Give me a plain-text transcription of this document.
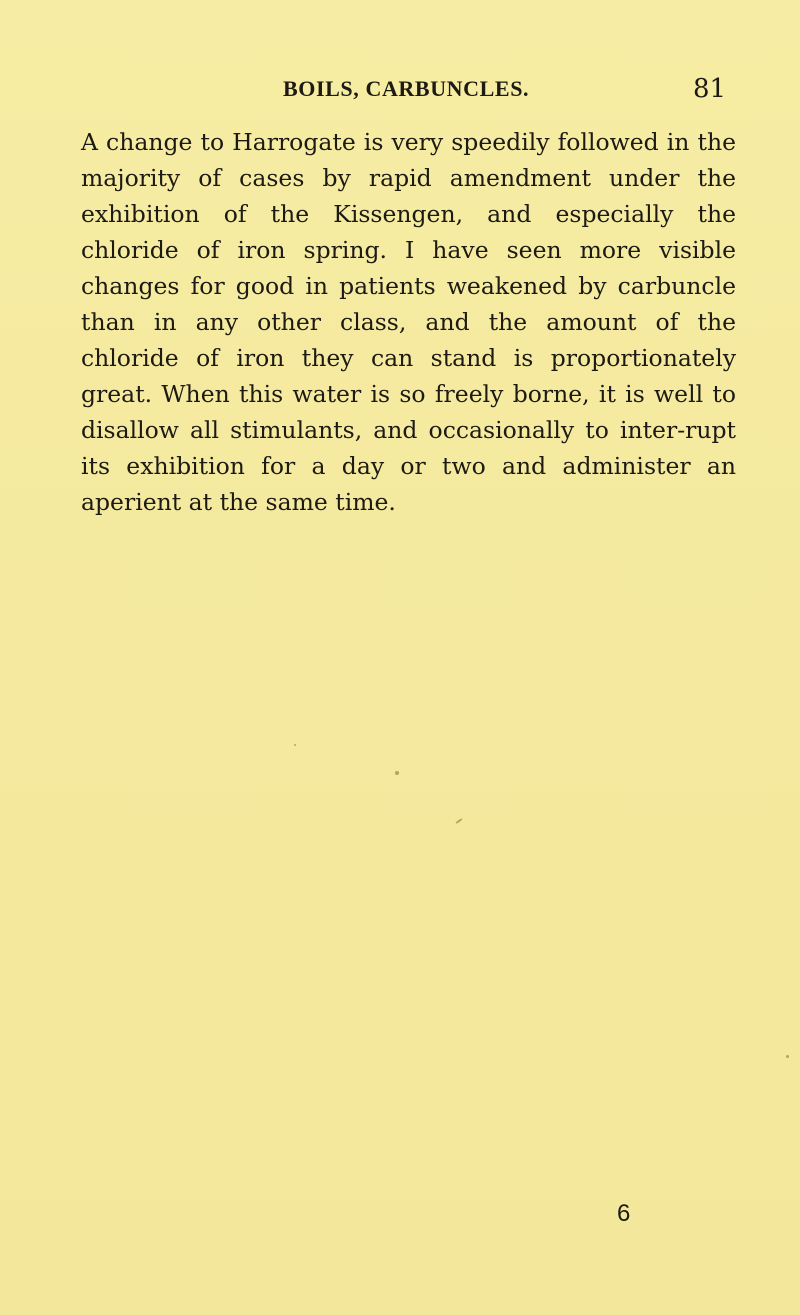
BOILS, CARBUNCLES.	81

A change to Harrogate is very speedily followed in the majority of cases by rapid amendment under the exhibition of the Kissengen, and especially the chloride of iron spring. I have seen more visible changes for good in patients weakened by carbuncle than in any other class, and the amount of the chloride of iron they can stand is proportionately great. When this water is so freely borne, it is well to disallow all stimulants, and occasionally to inter-rupt its exhibition for a day or two and administer an aperient at the same time.

6
